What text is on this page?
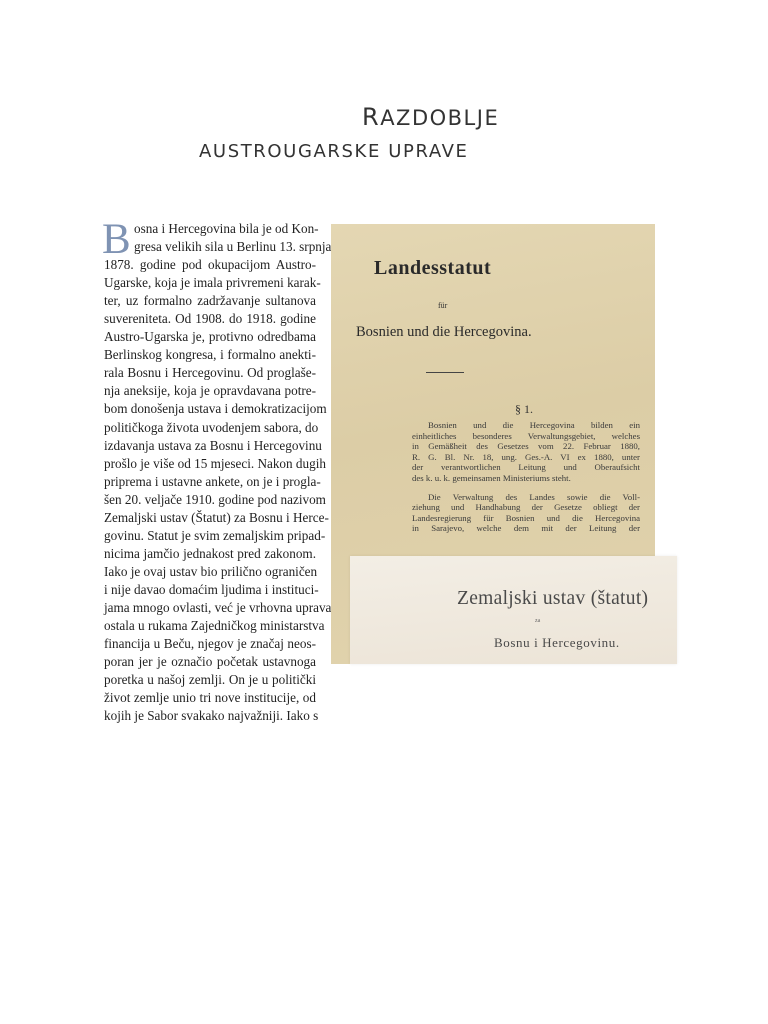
RAZDOBLJE
AUSTROUGARSKE UPRAVE
osna i Hercegovina bila je od Kon-
gresa velikih sila u Berlinu 13. srpnja
1878. godine pod okupacijom Austro-
Ugarske, koja je imala privremeni karak-
ter, uz formalno zadržavanje sultanova
suvereniteta. Od 1908. do 1918. godine
Austro-Ugarska je, protivno odredbama
Berlinskog kongresa, i formalno anekti-
rala Bosnu i Hercegovinu. Od proglaše-
nja aneksije, koja je opravdavana potre-
bom donošenja ustava i demokratizacijom
političkoga života uvodenjem sabora, do
izdavanja ustava za Bosnu i Hercegovinu
prošlo je više od 15 mjeseci. Nakon dugih
priprema i ustavne ankete, on je i progla-
šen 20. veljače 1910. godine pod nazivom
Zemaljski ustav (Štatut) za Bosnu i Herce-
govinu. Statut je svim zemaljskim pripad-
nicima jamčio jednakost pred zakonom.
Iako je ovaj ustav bio prilično ograničen
i nije davao domaćim ljudima i instituci-
jama mnogo ovlasti, već je vrhovna uprava
ostala u rukama Zajedničkog ministarstva
financija u Beču, njegov je značaj neos-
poran jer je označio početak ustavnoga
poretka u našoj zemlji. On je u politički
život zemlje unio tri nove institucije, od
kojih je Sabor svakako najvažniji. Iako s
B
Landesstatut
für
Bosnien und die Hercegovina.
§ 1.
Bosnien und die Hercegovina bilden ein
einheitliches besonderes Verwaltungsgebiet, welches
in Gemäßheit des Gesetzes vom 22. Februar 1880,
R. G. Bl. Nr. 18, ung. Ges.-A. VI ex 1880, unter
der verantwortlichen Leitung und Oberaufsicht
des k. u. k. gemeinsamen Ministeriums steht.
Die Verwaltung des Landes sowie die Voll-
ziehung und Handhabung der Gesetze obliegt der
Landesregierung für Bosnien und die Hercegovina
in Sarajevo, welche dem mit der Leitung der
Zemaljski ustav (štatut)
za
Bosnu i Hercegovinu.
